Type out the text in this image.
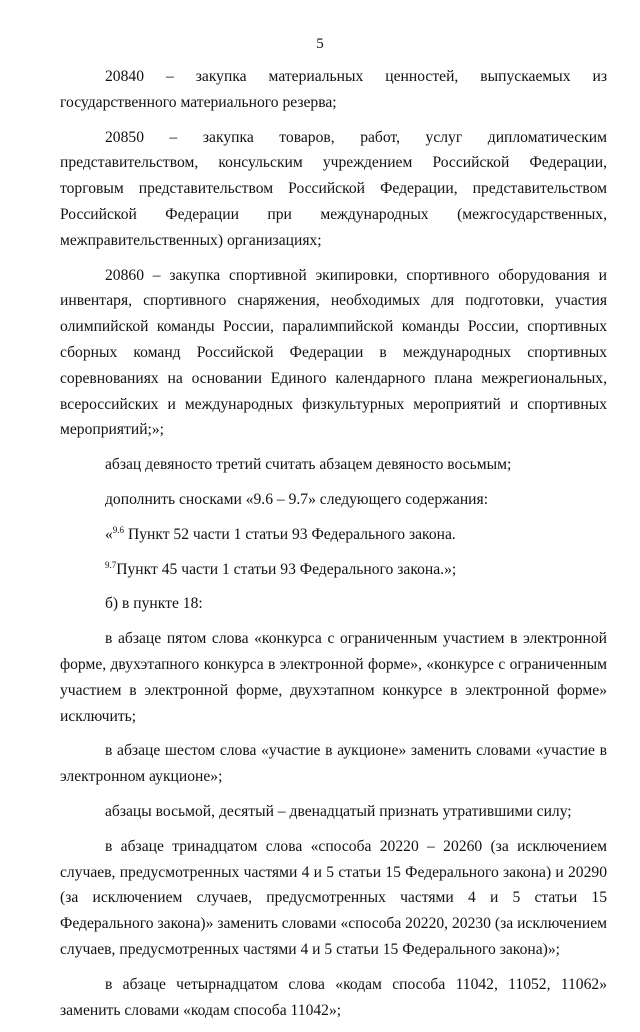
5

20840 – закупка материальных ценностей, выпускаемых из государственного материального резерва;

20850 – закупка товаров, работ, услуг дипломатическим представительством, консульским учреждением Российской Федерации, торговым представительством Российской Федерации, представительством Российской Федерации при международных (межгосударственных, межправительственных) организациях;

20860 – закупка спортивной экипировки, спортивного оборудования и инвентаря, спортивного снаряжения, необходимых для подготовки, участия олимпийской команды России, паралимпийской команды России, спортивных сборных команд Российской Федерации в международных спортивных соревнованиях на основании Единого календарного плана межрегиональных, всероссийских и международных физкультурных мероприятий и спортивных мероприятий;»;

абзац девяносто третий считать абзацем девяносто восьмым;

дополнить сносками «9.6 – 9.7» следующего содержания:

«$^{9.6}$ Пункт 52 части 1 статьи 93 Федерального закона.

$^{9.7}$Пункт 45 части 1 статьи 93 Федерального закона.»;

б) в пункте 18:

в абзаце пятом слова «конкурса с ограниченным участием в электронной форме, двухэтапного конкурса в электронной форме», «конкурсе с ограниченным участием в электронной форме, двухэтапном конкурсе в электронной форме» исключить;

в абзаце шестом слова «участие в аукционе» заменить словами «участие в электронном аукционе»;

абзацы восьмой, десятый – двенадцатый признать утратившими силу;

в абзаце тринадцатом слова «способа 20220 – 20260 (за исключением случаев, предусмотренных частями 4 и 5 статьи 15 Федерального закона) и 20290 (за исключением случаев, предусмотренных частями 4 и 5 статьи 15 Федерального закона)» заменить словами «способа 20220, 20230 (за исключением случаев, предусмотренных частями 4 и 5 статьи 15 Федерального закона)»;

в абзаце четырнадцатом слова «кодам способа 11042, 11052, 11062» заменить словами «кодам способа 11042»;
